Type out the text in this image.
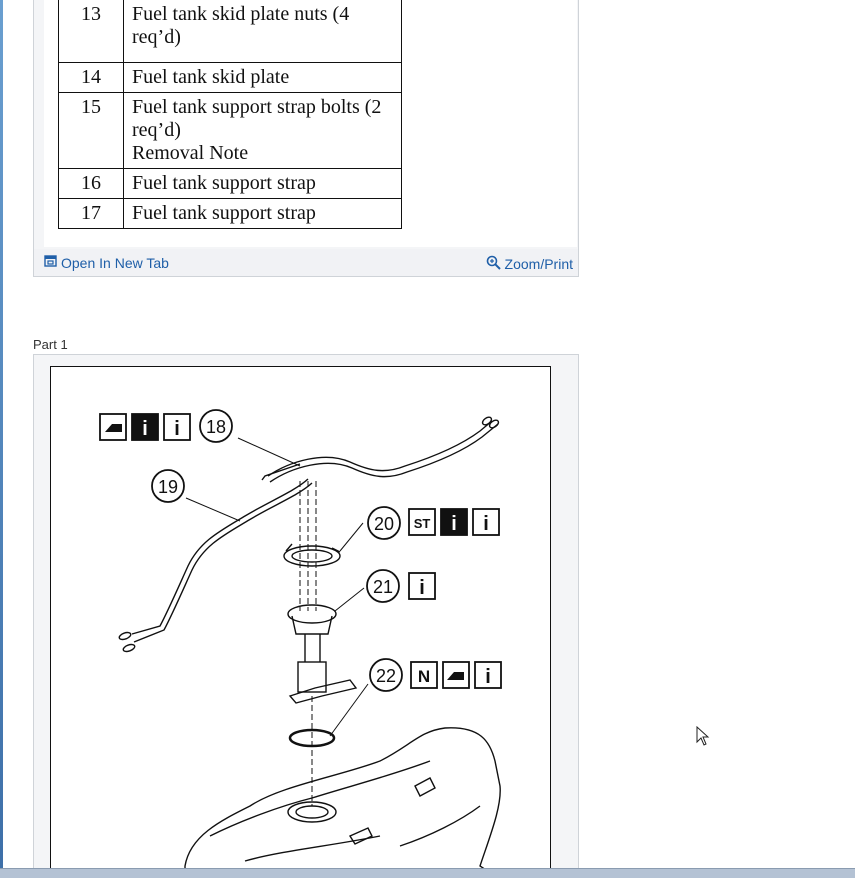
13	Fuel tank skid plate nuts (4 req’d)
14	Fuel tank skid plate
15	Fuel tank support strap bolts (2 req’d)
Removal Note

16	Fuel tank support strap
17	Fuel tank support strap
Open In New Tab	Zoom/Print
Part 1
i i 18
19
20 ST i i
21 i
22 N	i
